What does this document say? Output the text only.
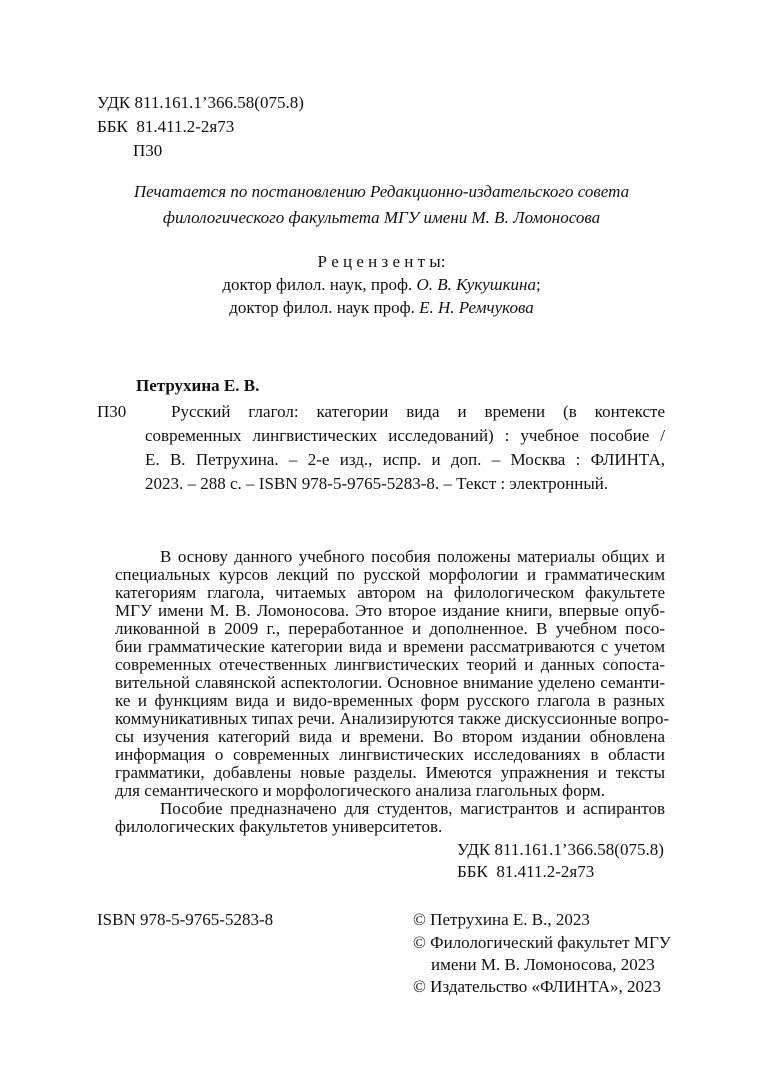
УДК 811.161.1’366.58(075.8)
ББК  81.411.2-2я73
П30
Печатается по постановлению Редакционно-издательского совета
филологического факультета МГУ имени М. В. Ломоносова
Р е ц е н з е н т ы:
доктор филол. наук, проф. О. В. Кукушкина;
доктор филол. наук проф. Е. Н. Ремчукова
Петрухина Е. В.
П30	Русский глагол: категории вида и времени (в контексте
современных лингвистических исследований) : учебное пособие /
Е. В. Петрухина. – 2-е изд., испр. и доп. – Москва : ФЛИНТА,
2023. – 288 с. – ISBN 978-5-9765-5283-8. – Текст : электронный.
В основу данного учебного пособия положены материалы общих и
специальных курсов лекций по русской морфологии и грамматическим
категориям глагола, читаемых автором на филологическом факультете
МГУ имени М. В. Ломоносова. Это второе издание книги, впервые опуб-
ликованной в 2009 г., переработанное и дополненное. В учебном посо-
бии грамматические категории вида и времени рассматриваются с учетом
современных отечественных лингвистических теорий и данных сопоста-
вительной славянской аспектологии. Основное внимание уделено семанти-
ке и функциям вида и видо-временных форм русского глагола в разных
коммуникативных типах речи. Анализируются также дискуссионные вопро-
сы изучения категорий вида и времени. Во втором издании обновлена
информация о современных лингвистических исследованиях в области
грамматики, добавлены новые разделы. Имеются упражнения и тексты
для семантического и морфологического анализа глагольных форм.
Пособие предназначено для студентов, магистрантов и аспирантов
филологических факультетов университетов.
УДК 811.161.1’366.58(075.8)
ББК  81.411.2-2я73
ISBN 978-5-9765-5283-8	© Петрухина Е. В., 2023
© Филологический факультет МГУ
имени М. В. Ломоносова, 2023
© Издательство «ФЛИНТА», 2023
